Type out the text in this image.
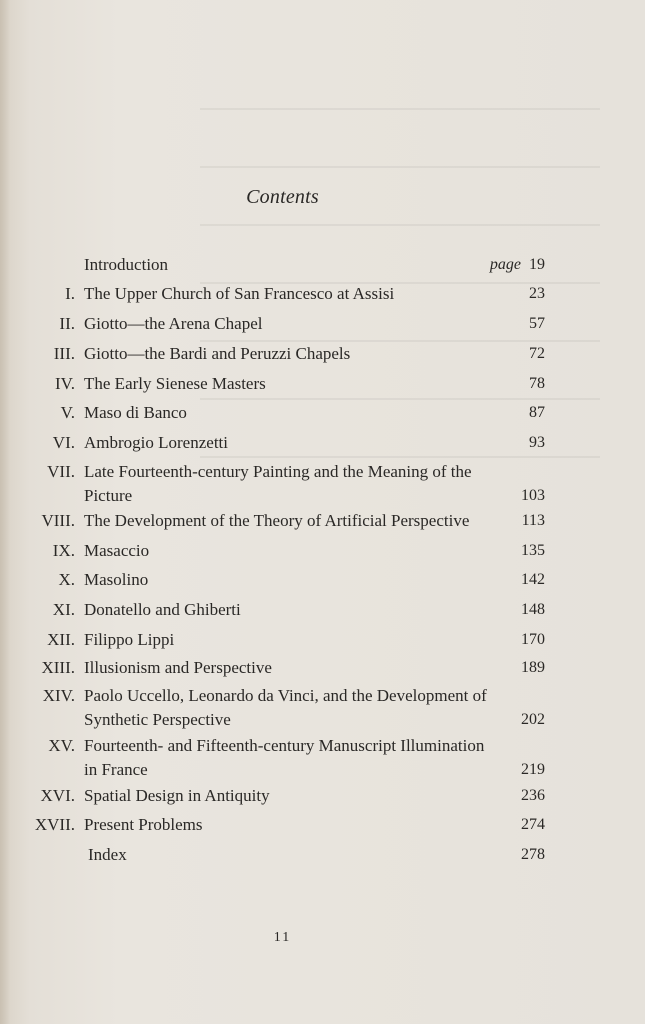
Contents
Introduction	page 19
I. The Upper Church of San Francesco at Assisi	23
II. Giotto—the Arena Chapel	57
III. Giotto—the Bardi and Peruzzi Chapels	72
IV. The Early Sienese Masters	78
V. Maso di Banco	87
VI. Ambrogio Lorenzetti	93
VII. Late Fourteenth-century Painting and the Meaning of the Picture	103
VIII. The Development of the Theory of Artificial Perspective	113
IX. Masaccio	135
X. Masolino	142
XI. Donatello and Ghiberti	148
XII. Filippo Lippi	170
XIII. Illusionism and Perspective	189
XIV. Paolo Uccello, Leonardo da Vinci, and the Development of Synthetic Perspective	202
XV. Fourteenth- and Fifteenth-century Manuscript Illumination in France	219
XVI. Spatial Design in Antiquity	236
XVII. Present Problems	274
Index	278
11
